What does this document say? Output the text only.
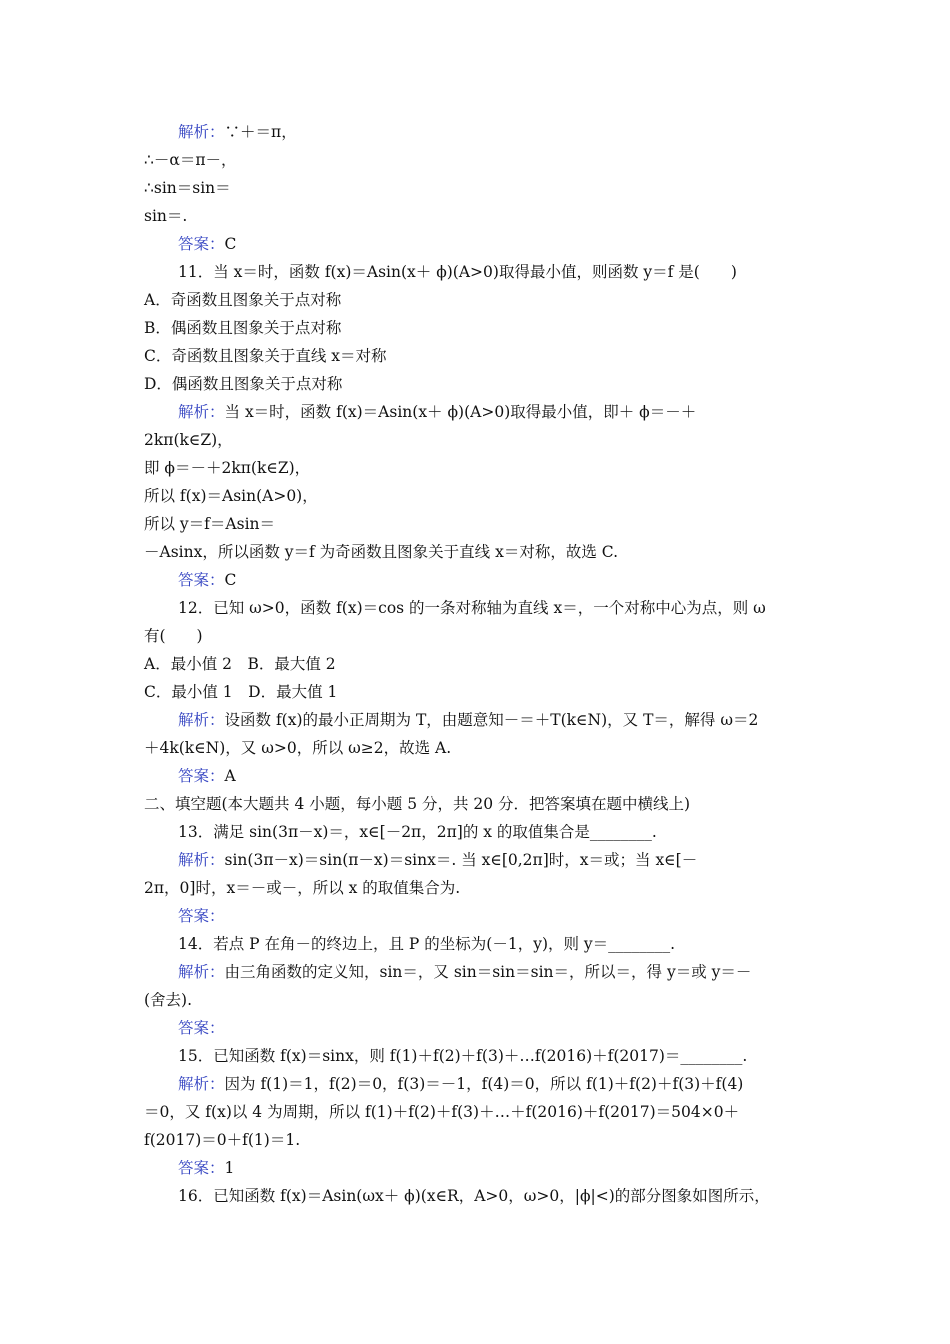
解析：∵＋＝π，
∴－α＝π－，
∴sin＝sin＝
sin＝.
答案：C
11．当 x＝时，函数 f(x)＝Asin(x＋ ϕ)(A>0)取得最小值，则函数 y＝f 是(　　)
A．奇函数且图象关于点对称
B．偶函数且图象关于点对称
C．奇函数且图象关于直线 x＝对称
D．偶函数且图象关于点对称
解析：当 x＝时，函数 f(x)＝Asin(x＋ ϕ)(A>0)取得最小值，即＋ ϕ＝－＋
2kπ(k∈Z)，
即 ϕ＝－＋2kπ(k∈Z)，
所以 f(x)＝Asin(A>0)，
所以 y＝f＝Asin＝
－Asinx，所以函数 y＝f 为奇函数且图象关于直线 x＝对称，故选 C.
答案：C
12．已知 ω>0，函数 f(x)＝cos 的一条对称轴为直线 x＝，一个对称中心为点，则 ω
有(　　)
A．最小值 2　B．最大值 2
C．最小值 1　D．最大值 1
解析：设函数 f(x)的最小正周期为 T，由题意知－＝＋T(k∈N)，又 T＝，解得 ω＝2
＋4k(k∈N)，又 ω>0，所以 ω≥2，故选 A.
答案：A
二、填空题(本大题共 4 小题，每小题 5 分，共 20 分．把答案填在题中横线上)
13．满足 sin(3π－x)＝，x∈[－2π，2π]的 x 的取值集合是________.
解析：sin(3π－x)＝sin(π－x)＝sinx＝. 当 x∈[0,2π]时，x＝或；当 x∈[－
2π，0]时，x＝－或－，所以 x 的取值集合为.
答案：
14．若点 P 在角－的终边上，且 P 的坐标为(－1，y)，则 y＝________.
解析：由三角函数的定义知，sin＝，又 sin＝sin＝sin＝，所以＝，得 y＝或 y＝－
(舍去).
答案：
15．已知函数 f(x)＝sinx，则 f(1)＋f(2)＋f(3)＋…f(2016)＋f(2017)＝________.
解析：因为 f(1)＝1，f(2)＝0，f(3)＝－1，f(4)＝0，所以 f(1)＋f(2)＋f(3)＋f(4)
＝0，又 f(x)以 4 为周期，所以 f(1)＋f(2)＋f(3)＋…＋f(2016)＋f(2017)＝504×0＋
f(2017)＝0＋f(1)＝1.
答案：1
16．已知函数 f(x)＝Asin(ωx＋ ϕ)(x∈R，A>0，ω>0，|ϕ|<)的部分图象如图所示，
